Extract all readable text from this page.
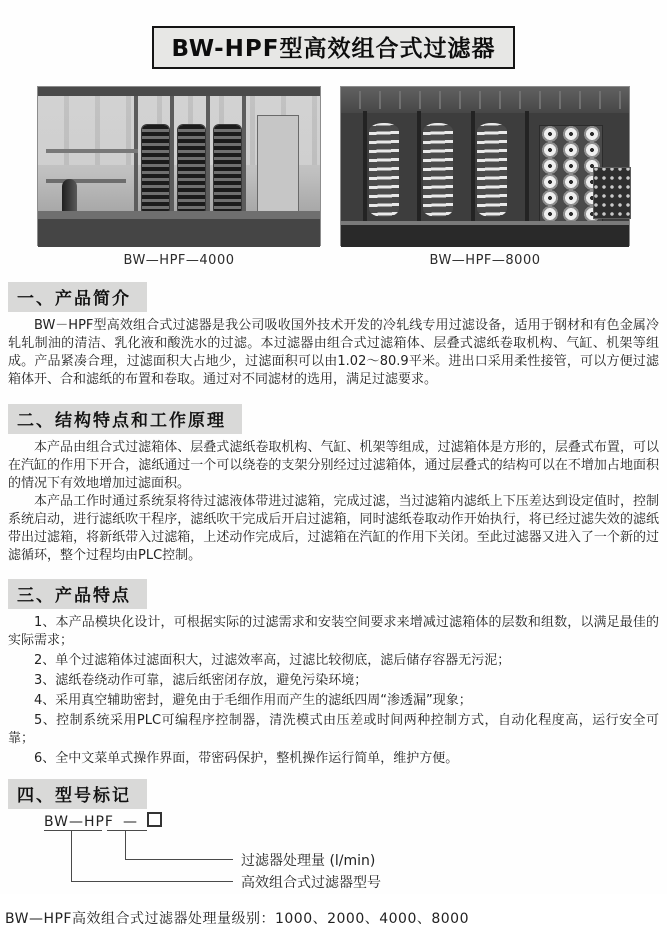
BW-HPF型高效组合式过滤器
BW—HPF—4000	BW—HPF—8000
一、产品简介

BW－HPF型高效组合式过滤器是我公司吸收国外技术开发的冷轧线专用过滤设备，适用于钢材和有色金属冷轧轧制油的清洁、乳化液和酸洗水的过滤。本过滤器由组合式过滤箱体、层叠式滤纸卷取机构、气缸、机架等组成。产品紧凑合理，过滤面积大占地少，过滤面积可以由1.02～80.9平米。进出口采用柔性接管，可以方便过滤箱体开、合和滤纸的布置和卷取。通过对不同滤材的选用，满足过滤要求。

二、结构特点和工作原理

本产品由组合式过滤箱体、层叠式滤纸卷取机构、气缸、机架等组成，过滤箱体是方形的，层叠式布置，可以在汽缸的作用下开合，滤纸通过一个可以绕卷的支架分别经过过滤箱体，通过层叠式的结构可以在不增加占地面积的情况下有效地增加过滤面积。

本产品工作时通过系统泵将待过滤液体带进过滤箱，完成过滤，当过滤箱内滤纸上下压差达到设定值时，控制系统启动，进行滤纸吹干程序，滤纸吹干完成后开启过滤箱，同时滤纸卷取动作开始执行，将已经过滤失效的滤纸带出过滤箱，将新纸带入过滤箱，上述动作完成后，过滤箱在汽缸的作用下关闭。至此过滤器又进入了一个新的过滤循环，整个过程均由PLC控制。

三、产品特点

1、本产品模块化设计，可根据实际的过滤需求和安装空间要求来增减过滤箱体的层数和组数，以满足最佳的实际需求；

2、单个过滤箱体过滤面积大，过滤效率高，过滤比较彻底，滤后储存容器无污泥；

3、滤纸卷绕动作可靠，滤后纸密闭存放，避免污染环境；

4、采用真空辅助密封，避免由于毛细作用而产生的滤纸四周“渗透漏”现象；

5、控制系统采用PLC可编程序控制器，清洗模式由压差或时间两种控制方式，自动化程度高，运行安全可靠；

6、全中文菜单式操作界面，带密码保护，整机操作运行简单，维护方便。

四、型号标记
BW—HPF —
过滤器处理量 (l/min)
高效组合式过滤器型号
BW—HPF高效组合式过滤器处理量级别：1000、2000、4000、8000
